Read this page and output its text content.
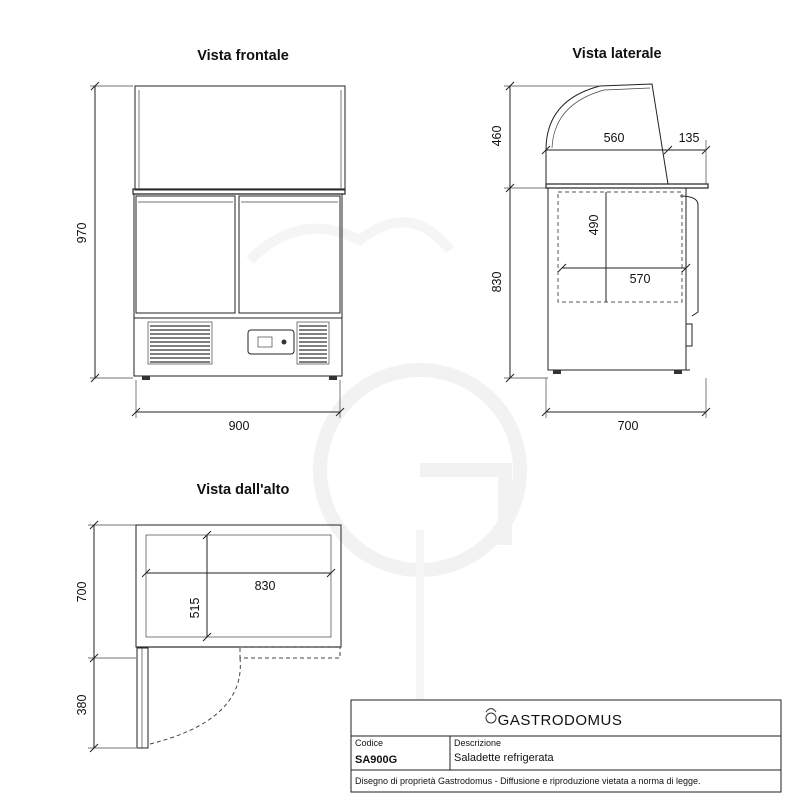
Vista frontale
970
900
Vista laterale
490
570
560	135
460
830
700
Vista dall'alto
830
515
700
380
GASTRODOMUS
Codice
SA900G
Descrizione
Saladette refrigerata
Disegno di proprietà Gastrodomus - Diffusione e riproduzione vietata a norma di legge.
